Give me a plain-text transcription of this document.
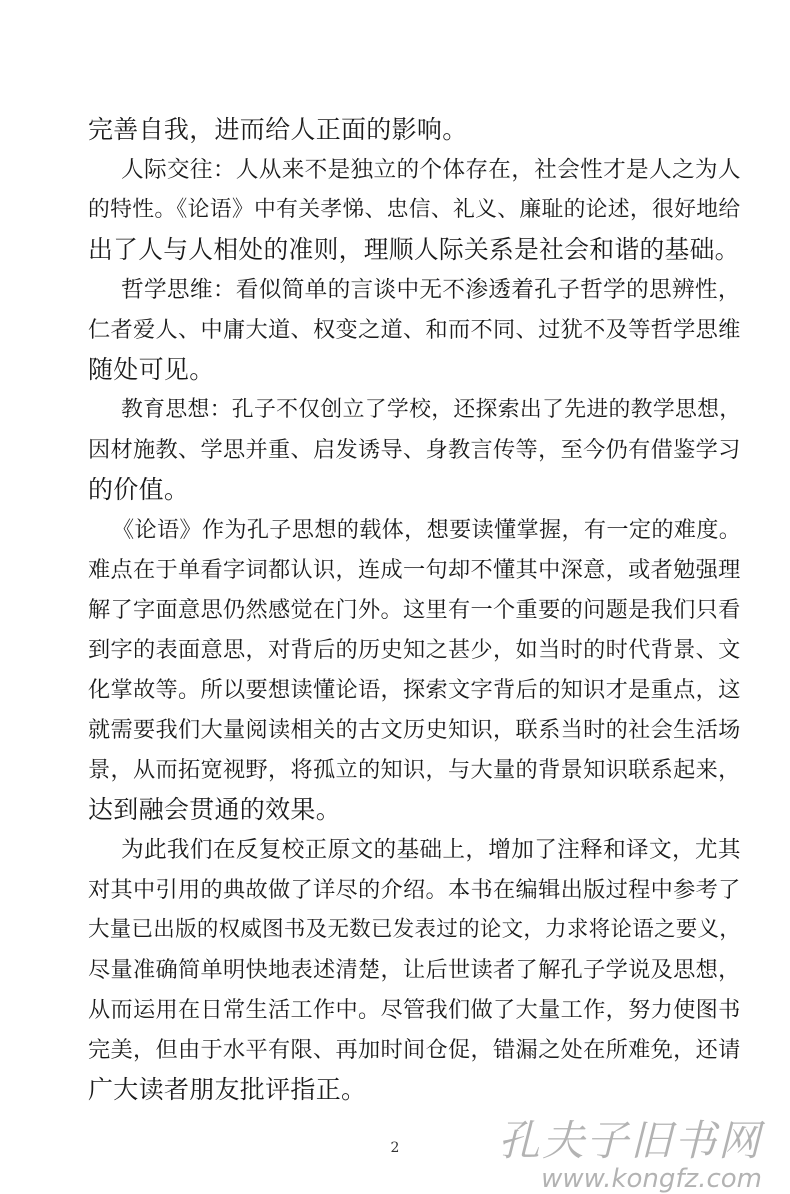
完善自我，进而给人正面的影响。
人际交往：人从来不是独立的个体存在，社会性才是人之为人
的特性。《论语》中有关孝悌、忠信、礼义、廉耻的论述，很好地给
出了人与人相处的准则，理顺人际关系是社会和谐的基础。
哲学思维：看似简单的言谈中无不渗透着孔子哲学的思辨性，
仁者爱人、中庸大道、权变之道、和而不同、过犹不及等哲学思维
随处可见。
教育思想：孔子不仅创立了学校，还探索出了先进的教学思想，
因材施教、学思并重、启发诱导、身教言传等，至今仍有借鉴学习
的价值。
《论语》作为孔子思想的载体，想要读懂掌握，有一定的难度。
难点在于单看字词都认识，连成一句却不懂其中深意，或者勉强理
解了字面意思仍然感觉在门外。这里有一个重要的问题是我们只看
到字的表面意思，对背后的历史知之甚少，如当时的时代背景、文
化掌故等。所以要想读懂论语，探索文字背后的知识才是重点，这
就需要我们大量阅读相关的古文历史知识，联系当时的社会生活场
景，从而拓宽视野，将孤立的知识，与大量的背景知识联系起来，
达到融会贯通的效果。
为此我们在反复校正原文的基础上，增加了注释和译文，尤其
对其中引用的典故做了详尽的介绍。本书在编辑出版过程中参考了
大量已出版的权威图书及无数已发表过的论文，力求将论语之要义，
尽量准确简单明快地表述清楚，让后世读者了解孔子学说及思想，
从而运用在日常生活工作中。尽管我们做了大量工作，努力使图书
完美，但由于水平有限、再加时间仓促，错漏之处在所难免，还请
广大读者朋友批评指正。
2	孔夫子旧书网
www.kongfz.com
